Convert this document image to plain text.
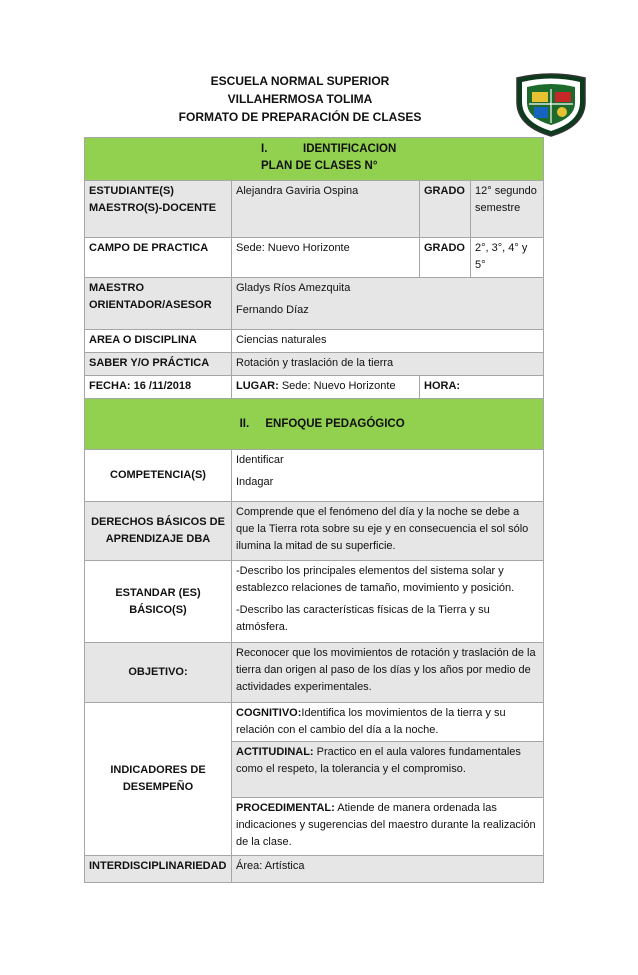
ESCUELA NORMAL SUPERIOR
VILLAHERMOSA TOLIMA
FORMATO DE PREPARACIÓN DE CLASES
I. IDENTIFICACION
PLAN DE CLASES N°			

ESTUDIANTE(S) MAESTRO(S)-DOCENTE	Alejandra Gaviria Ospina	GRADO	12° segundo semestre
CAMPO DE PRACTICA	Sede: Nuevo Horizonte	GRADO	2°, 3°, 4° y 5°
MAESTRO ORIENTADOR/ASESOR	Gladys Ríos Amezquita

Fernando Díaz		

AREA O DISCIPLINA	Ciencias naturales		
SABER Y/O PRÁCTICA	Rotación y traslación de la tierra		
FECHA: 16 /11/2018	LUGAR: Sede: Nuevo Horizonte	HORA:	
II. ENFOQUE PEDAGÓGICO			
COMPETENCIA(S)	Identificar

Indagar		

DERECHOS BÁSICOS DE APRENDIZAJE DBA	Comprende que el fenómeno del día y la noche se debe a que la Tierra rota sobre su eje y en consecuencia el sol sólo ilumina la mitad de su superficie.		
ESTANDAR (ES) BÁSICO(S)	-Describo los principales elementos del sistema solar y establezco relaciones de tamaño, movimiento y posición.

-Describo las características físicas de la Tierra y su atmósfera.		

OBJETIVO:	Reconocer que los movimientos de rotación y traslación de la tierra dan origen al paso de los días y los años por medio de actividades experimentales.		
INDICADORES DE DESEMPEÑO	COGNITIVO:Identifica los movimientos de la tierra y su relación con el cambio del día a la noche.		
	ACTITUDINAL: Practico en el aula valores fundamentales como el respeto, la tolerancia y el compromiso.		
	PROCEDIMENTAL: Atiende de manera ordenada las indicaciones y sugerencias del maestro durante la realización de la clase.		
INTERDISCIPLINARIEDAD	Área: Artística		
